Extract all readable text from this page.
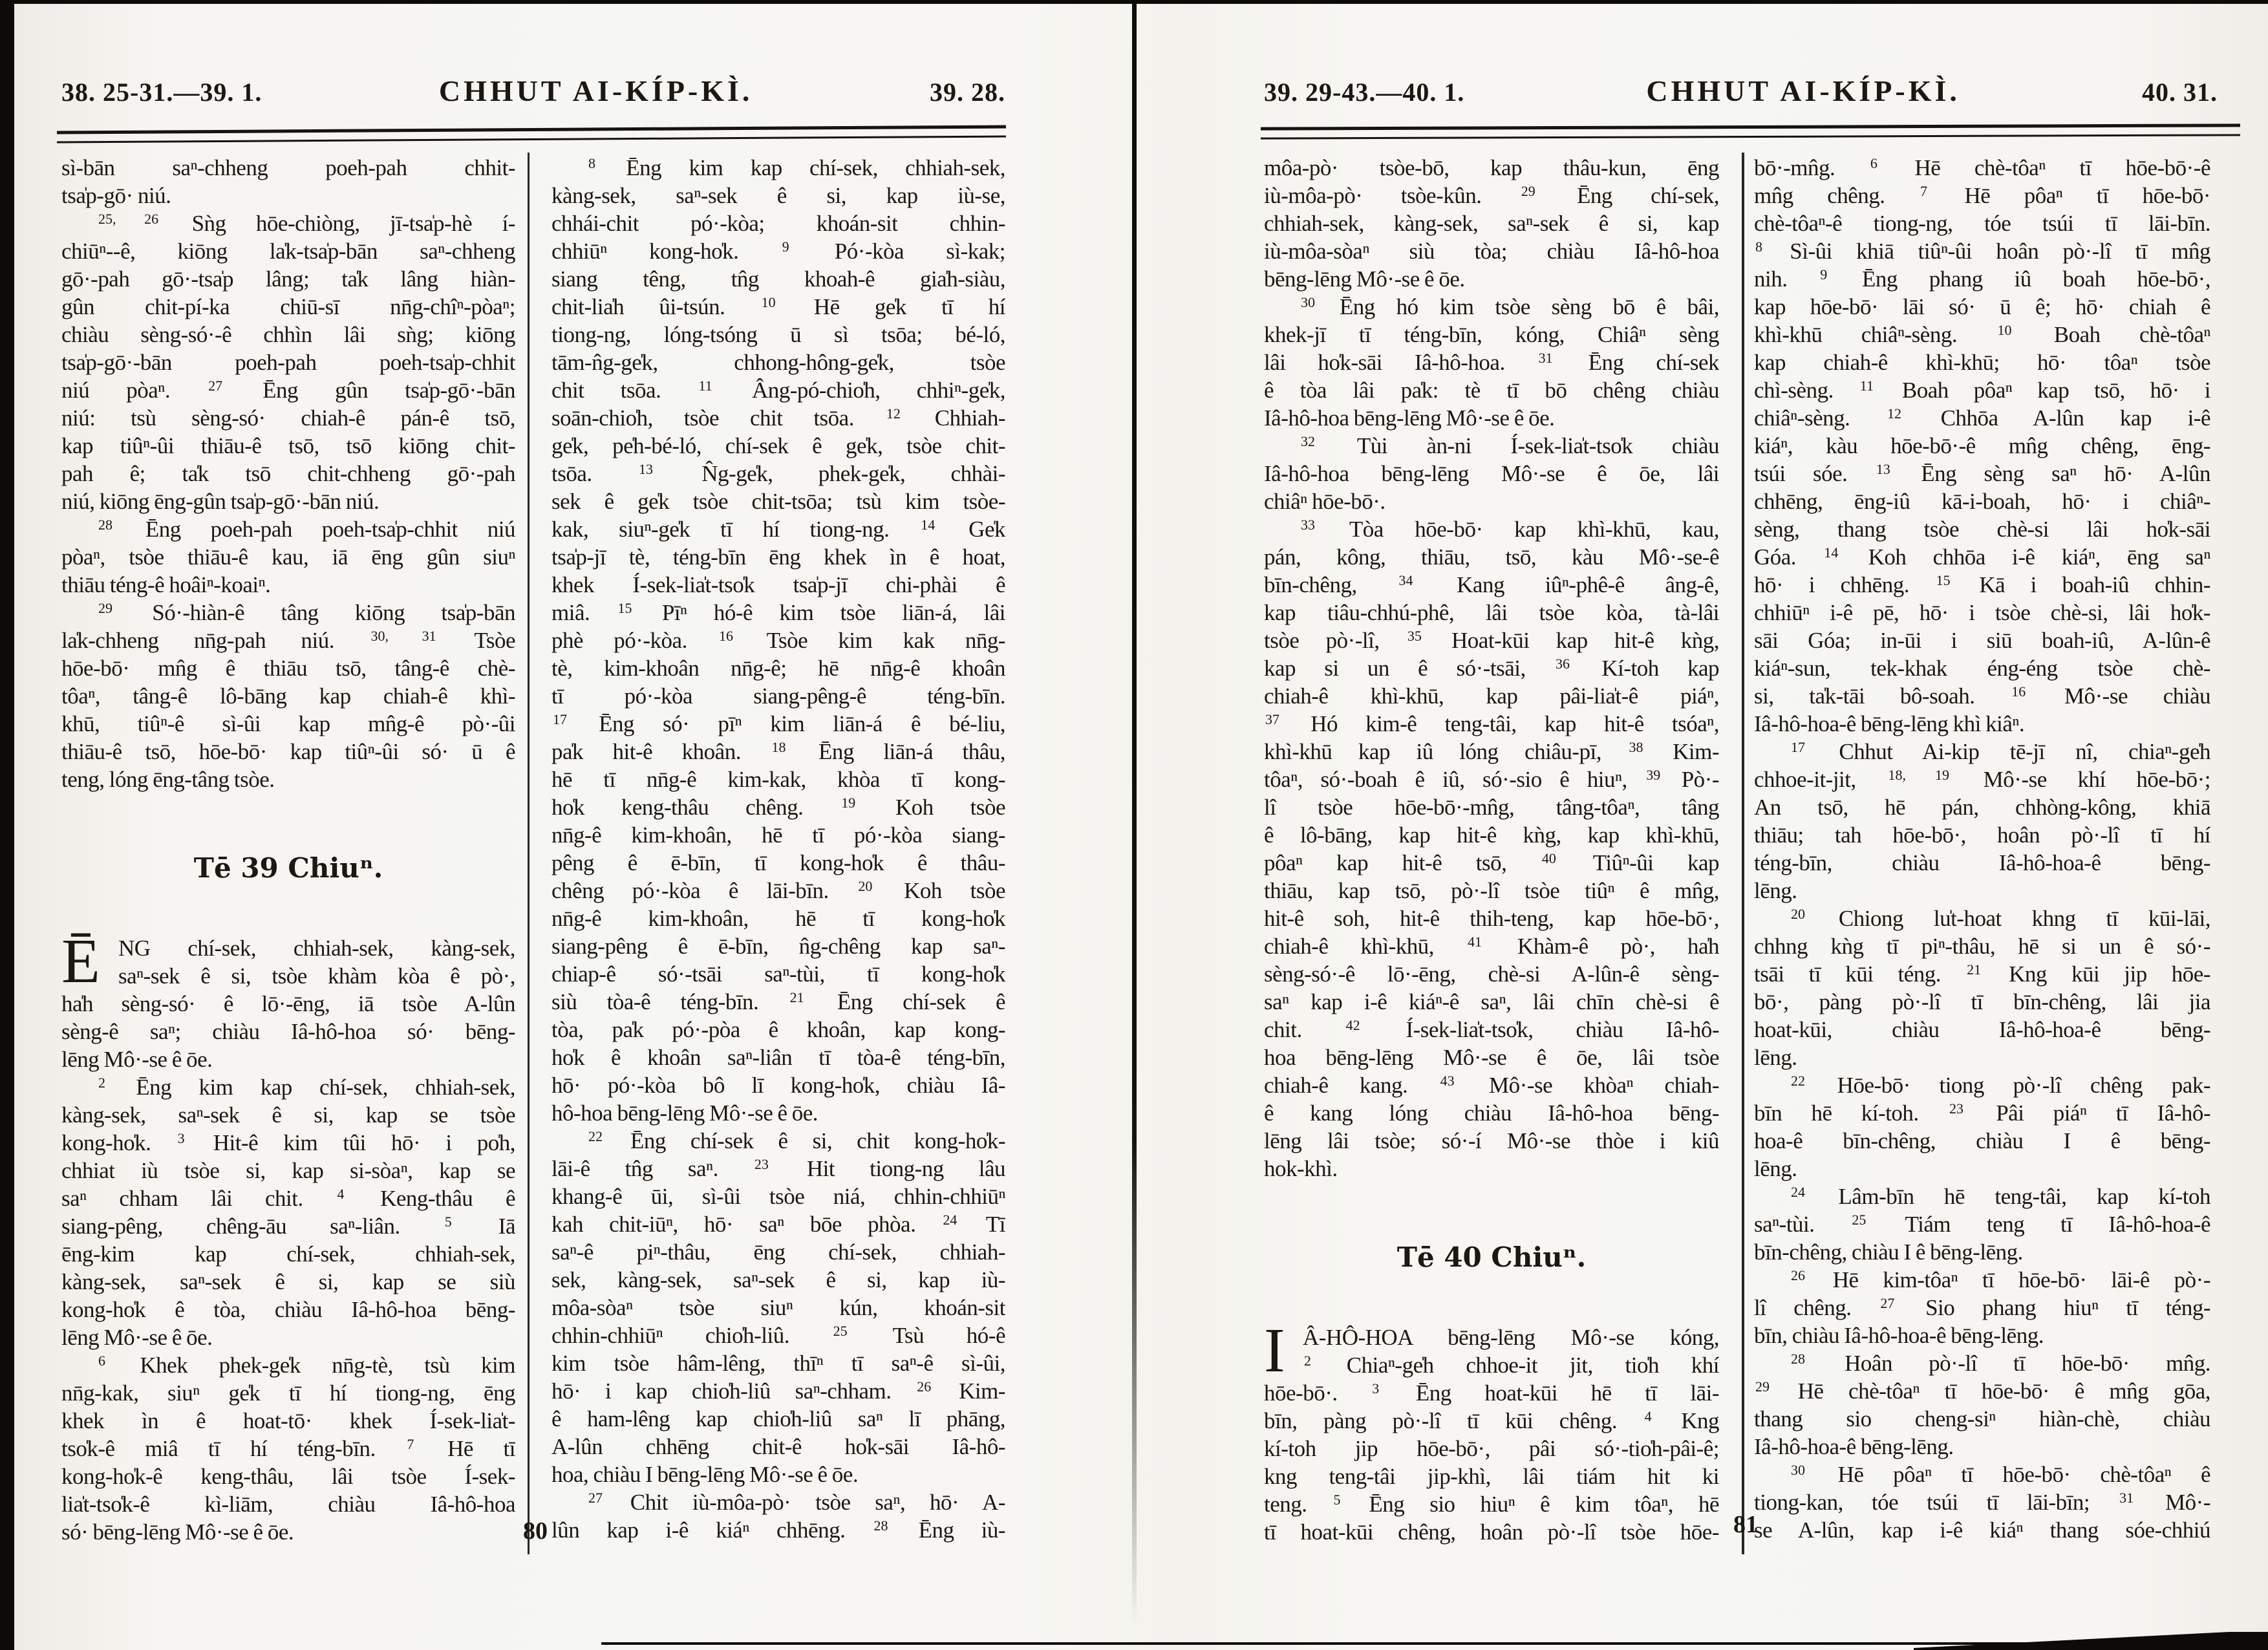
38. 25-31.—39. 1.	CHHUT AI-KÍP-KÌ.	39. 28.
sì-bān saⁿ-chheng poeh-pah chhit-
tsa̍p-gō· niú.
$^{25, 26}$ Sǹg hōe-chiòng, jī-tsa̍p-hè í-
chiūⁿ--ê, kiōng la̍k-tsa̍p-bān saⁿ-chheng
gō·-pah gō·-tsa̍p lâng; ta̍k lâng hiàn-
gûn chit-pí-ka chiū-sī nn̄g-chîⁿ-pòaⁿ;
chiàu sèng-só·-ê chhìn lâi sǹg; kiōng
tsa̍p-gō·-bān poeh-pah poeh-tsa̍p-chhit
niú pòaⁿ. $^{27}$ Ēng gûn tsa̍p-gō·-bān
niú: tsù sèng-só· chiah-ê pán-ê tsō,
kap tiûⁿ-ûi thiāu-ê tsō, tsō kiōng chit-
pah ê; ta̍k tsō chit-chheng gō·-pah
niú, kiōng ēng-gûn tsa̍p-gō·-bān niú.
$^{28}$ Ēng poeh-pah poeh-tsa̍p-chhit niú
pòaⁿ, tsòe thiāu-ê kau, iā ēng gûn siuⁿ
thiāu téng-ê hoâiⁿ-koaiⁿ.
$^{29}$ Só·-hiàn-ê tâng kiōng tsa̍p-bān
la̍k-chheng nn̄g-pah niú. $^{30, 31}$ Tsòe
hōe-bō· mn̂g ê thiāu tsō, tâng-ê chè-
tôaⁿ, tâng-ê lô-bāng kap chiah-ê khì-
khū, tiûⁿ-ê sì-ûi kap mn̂g-ê pò·-ûi
thiāu-ê tsō, hōe-bō· kap tiûⁿ-ûi só· ū ê
teng, lóng ēng-tâng tsòe.
Tē 39 Chiuⁿ.
Ē NG chí-sek, chhiah-sek, kàng-sek,
saⁿ-sek ê si, tsòe khàm kòa ê pò·,
ha̍h sèng-só· ê lō·-ēng, iā tsòe A-lûn
sèng-ê saⁿ; chiàu Iâ-hô-hoa só· bēng-
lēng Mô·-se ê ōe.
$^2$ Ēng kim kap chí-sek, chhiah-sek,
kàng-sek, saⁿ-sek ê si, kap se tsòe
kong-ho̍k. $^3$ Hit-ê kim tûi hō· i po̍h,
chhiat iù tsòe si, kap si-sòaⁿ, kap se
saⁿ chham lâi chit. $^4$ Keng-thâu ê
siang-pêng, chêng-āu saⁿ-liân. $^5$ Iā
ēng-kim kap chí-sek, chhiah-sek,
kàng-sek, saⁿ-sek ê si, kap se siù
kong-ho̍k ê tòa, chiàu Iâ-hô-hoa bēng-
lēng Mô·-se ê ōe.
$^6$ Khek phek-ge̍k nn̄g-tè, tsù kim
nn̄g-kak, siuⁿ ge̍k tī hí tiong-ng, ēng
khek ìn ê hoat-tō· khek Í-sek-lia̍t-
tso̍k-ê miâ tī hí téng-bīn. $^7$ Hē tī
kong-ho̍k-ê keng-thâu, lâi tsòe Í-sek-
lia̍t-tso̍k-ê kì-liām, chiàu Iâ-hô-hoa
só· bēng-lēng Mô·-se ê ōe.
$^8$ Ēng kim kap chí-sek, chhiah-sek,
kàng-sek, saⁿ-sek ê si, kap iù-se,
chhái-chit pó·-kòa; khoán-sit chhin-
chhiūⁿ kong-ho̍k. $^9$ Pó·-kòa sì-kak;
siang têng, tn̂g khoah-ê gia̍h-siàu,
chit-lia̍h ûi-tsún. $^{10}$ Hē ge̍k tī hí
tiong-ng, lóng-tsóng ū sì tsōa; bé-ló,
tām-n̂g-ge̍k, chhong-hông-ge̍k, tsòe
chit tsōa. $^{11}$ Âng-pó-chio̍h, chhiⁿ-ge̍k,
soān-chio̍h, tsòe chit tsōa. $^{12}$ Chhiah-
ge̍k, pe̍h-bé-ló, chí-sek ê ge̍k, tsòe chit-
tsōa. $^{13}$ N̂g-ge̍k, phek-ge̍k, chhài-
sek ê ge̍k tsòe chit-tsōa; tsù kim tsòe-
kak, siuⁿ-ge̍k tī hí tiong-ng. $^{14}$ Ge̍k
tsa̍p-jī tè, téng-bīn ēng khek ìn ê hoat,
khek Í-sek-lia̍t-tso̍k tsa̍p-jī chi-phài ê
miâ. $^{15}$ Pīⁿ hó-ê kim tsòe liān-á, lâi
phè pó·-kòa. $^{16}$ Tsòe kim kak nn̄g-
tè, kim-khoân nn̄g-ê; hē nn̄g-ê khoân
tī pó·-kòa siang-pêng-ê téng-bīn.
$^{17}$ Ēng só· pīⁿ kim liān-á ê bé-liu,
pa̍k hit-ê khoân. $^{18}$ Ēng liān-á thâu,
hē tī nn̄g-ê kim-kak, khòa tī kong-
ho̍k keng-thâu chêng. $^{19}$ Koh tsòe
nn̄g-ê kim-khoân, hē tī pó·-kòa siang-
pêng ê ē-bīn, tī kong-ho̍k ê thâu-
chêng pó·-kòa ê lāi-bīn. $^{20}$ Koh tsòe
nn̄g-ê kim-khoân, hē tī kong-ho̍k
siang-pêng ê ē-bīn, n̂g-chêng kap saⁿ-
chiap-ê só·-tsāi saⁿ-tùi, tī kong-ho̍k
siù tòa-ê téng-bīn. $^{21}$ Ēng chí-sek ê
tòa, pa̍k pó·-pòa ê khoân, kap kong-
ho̍k ê khoân saⁿ-liân tī tòa-ê téng-bīn,
hō· pó·-kòa bô lī kong-ho̍k, chiàu Iâ-
hô-hoa bēng-lēng Mô·-se ê ōe.
$^{22}$ Ēng chí-sek ê si, chit kong-ho̍k-
lāi-ê tn̂g saⁿ. $^{23}$ Hit tiong-ng lâu
khang-ê ūi, sì-ûi tsòe niá, chhin-chhiūⁿ
kah chit-iūⁿ, hō· saⁿ bōe phòa. $^{24}$ Tī
saⁿ-ê piⁿ-thâu, ēng chí-sek, chhiah-
sek, kàng-sek, saⁿ-sek ê si, kap iù-
môa-sòaⁿ tsòe siuⁿ kún, khoán-sit
chhin-chhiūⁿ chio̍h-liû. $^{25}$ Tsù hó-ê
kim tsòe hâm-lêng, thīⁿ tī saⁿ-ê sì-ûi,
hō· i kap chio̍h-liû saⁿ-chham. $^{26}$ Kim-
ê ham-lêng kap chio̍h-liû saⁿ lī phāng,
A-lûn chhēng chit-ê ho̍k-sāi Iâ-hô-
hoa, chiàu I bēng-lēng Mô·-se ê ōe.
$^{27}$ Chit iù-môa-pò· tsòe saⁿ, hō· A-
lûn kap i-ê kiáⁿ chhēng. $^{28}$ Ēng iù-
80
39. 29-43.—40. 1.	CHHUT AI-KÍP-KÌ.	40. 31.
môa-pò· tsòe-bō, kap thâu-kun, ēng
iù-môa-pò· tsòe-kûn. $^{29}$ Ēng chí-sek,
chhiah-sek, kàng-sek, saⁿ-sek ê si, kap
iù-môa-sòaⁿ siù tòa; chiàu Iâ-hô-hoa
bēng-lēng Mô·-se ê ōe.
$^{30}$ Ēng hó kim tsòe sèng bō ê bâi,
khek-jī tī téng-bīn, kóng, Chiâⁿ sèng
lâi ho̍k-sāi Iâ-hô-hoa. $^{31}$ Ēng chí-sek
ê tòa lâi pa̍k: tè tī bō chêng chiàu
Iâ-hô-hoa bēng-lēng Mô·-se ê ōe.
$^{32}$ Tùi àn-ni Í-sek-lia̍t-tso̍k chiàu
Iâ-hô-hoa bēng-lēng Mô·-se ê ōe, lâi
chiâⁿ hōe-bō·.
$^{33}$ Tòa hōe-bō· kap khì-khū, kau,
pán, kông, thiāu, tsō, kàu Mô·-se-ê
bīn-chêng, $^{34}$ Kang iûⁿ-phê-ê âng-ê,
kap tiâu-chhú-phê, lâi tsòe kòa, tà-lâi
tsòe pò·-lî, $^{35}$ Hoat-kūi kap hit-ê kǹg,
kap si un ê só·-tsāi, $^{36}$ Kí-toh kap
chiah-ê khì-khū, kap pâi-lia̍t-ê piáⁿ,
$^{37}$ Hó kim-ê teng-tâi, kap hit-ê tsóaⁿ,
khì-khū kap iû lóng chiâu-pī, $^{38}$ Kim-
tôaⁿ, só·-boah ê iû, só·-sio ê hiuⁿ, $^{39}$ Pò·-
lî tsòe hōe-bō·-mn̂g, tâng-tôaⁿ, tâng
ê lô-bāng, kap hit-ê kǹg, kap khì-khū,
pôaⁿ kap hit-ê tsō, $^{40}$ Tiûⁿ-ûi kap
thiāu, kap tsō, pò·-lî tsòe tiûⁿ ê mn̂g,
hit-ê soh, hit-ê thih-teng, kap hōe-bō·,
chiah-ê khì-khū, $^{41}$ Khàm-ê pò·, ha̍h
sèng-só·-ê lō·-ēng, chè-si A-lûn-ê sèng-
saⁿ kap i-ê kiáⁿ-ê saⁿ, lâi chīn chè-si ê
chit. $^{42}$ Í-sek-lia̍t-tso̍k, chiàu Iâ-hô-
hoa bēng-lēng Mô·-se ê ōe, lâi tsòe
chiah-ê kang. $^{43}$ Mô·-se khòaⁿ chiah-
ê kang lóng chiàu Iâ-hô-hoa bēng-
lēng lâi tsòe; só·-í Mô·-se thòe i kiû
hok-khì.
Tē 40 Chiuⁿ.
I Â-HÔ-HOA bēng-lēng Mô·-se kóng,
$^2$ Chiaⁿ-ge̍h chhoe-it jit, tio̍h khí
hōe-bō·. $^3$ Ēng hoat-kūi hē tī lāi-
bīn, pàng pò·-lî tī kūi chêng. $^4$ Kng
kí-toh jip hōe-bō·, pâi só·-tio̍h-pâi-ê;
kng teng-tâi jip-khì, lâi tiám hit ki
teng. $^5$ Ēng sio hiuⁿ ê kim tôaⁿ, hē
tī hoat-kūi chêng, hoân pò·-lî tsòe hōe-
bō·-mn̂g. $^6$ Hē chè-tôaⁿ tī hōe-bō·-ê
mn̂g chêng. $^7$ Hē pôaⁿ tī hōe-bō·
chè-tôaⁿ-ê tiong-ng, tóe tsúi tī lāi-bīn.
$^8$ Sì-ûi khiā tiûⁿ-ûi hoân pò·-lî tī mn̂g
nih. $^9$ Ēng phang iû boah hōe-bō·,
kap hōe-bō· lāi só· ū ê; hō· chiah ê
khì-khū chiâⁿ-sèng. $^{10}$ Boah chè-tôaⁿ
kap chiah-ê khì-khū; hō· tôaⁿ tsòe
chì-sèng. $^{11}$ Boah pôaⁿ kap tsō, hō· i
chiâⁿ-sèng. $^{12}$ Chhōa A-lûn kap i-ê
kiáⁿ, kàu hōe-bō·-ê mn̂g chêng, ēng-
tsúi sóe. $^{13}$ Ēng sèng saⁿ hō· A-lûn
chhēng, ēng-iû kā-i-boah, hō· i chiâⁿ-
sèng, thang tsòe chè-si lâi ho̍k-sāi
Góa. $^{14}$ Koh chhōa i-ê kiáⁿ, ēng saⁿ
hō· i chhēng. $^{15}$ Kā i boah-iû chhin-
chhiūⁿ i-ê pē, hō· i tsòe chè-si, lâi ho̍k-
sāi Góa; in-ūi i siū boah-iû, A-lûn-ê
kiáⁿ-sun, tek-khak éng-éng tsòe chè-
si, ta̍k-tāi bô-soah. $^{16}$ Mô·-se chiàu
Iâ-hô-hoa-ê bēng-lēng khì kiâⁿ.
$^{17}$ Chhut Ai-kip tē-jī nî, chiaⁿ-ge̍h
chhoe-it-jit, $^{18, 19}$ Mô·-se khí hōe-bō·;
An tsō, hē pán, chhòng-kông, khiā
thiāu; tah hōe-bō·, hoân pò·-lî tī hí
téng-bīn, chiàu Iâ-hô-hoa-ê bēng-
lēng.
$^{20}$ Chiong lu̍t-hoat khng tī kūi-lāi,
chhng kǹg tī piⁿ-thâu, hē si un ê só·-
tsāi tī kūi téng. $^{21}$ Kng kūi jip hōe-
bō·, pàng pò·-lî tī bīn-chêng, lâi jia
hoat-kūi, chiàu Iâ-hô-hoa-ê bēng-
lēng.
$^{22}$ Hōe-bō· tiong pò·-lî chêng pak-
bīn hē kí-toh. $^{23}$ Pâi piáⁿ tī Iâ-hô-
hoa-ê bīn-chêng, chiàu I ê bēng-
lēng.
$^{24}$ Lâm-bīn hē teng-tâi, kap kí-toh
saⁿ-tùi. $^{25}$ Tiám teng tī Iâ-hô-hoa-ê
bīn-chêng, chiàu I ê bēng-lēng.
$^{26}$ Hē kim-tôaⁿ tī hōe-bō· lāi-ê pò·-
lî chêng. $^{27}$ Sio phang hiuⁿ tī téng-
bīn, chiàu Iâ-hô-hoa-ê bēng-lēng.
$^{28}$ Hoân pò·-lî tī hōe-bō· mn̂g.
$^{29}$ Hē chè-tôaⁿ tī hōe-bō· ê mn̂g gōa,
thang sio cheng-siⁿ hiàn-chè, chiàu
Iâ-hô-hoa-ê bēng-lēng.
$^{30}$ Hē pôaⁿ tī hōe-bō· chè-tôaⁿ ê
tiong-kan, tóe tsúi tī lāi-bīn; $^{31}$ Mô·-
se A-lûn, kap i-ê kiáⁿ thang sóe-chhiú
81
